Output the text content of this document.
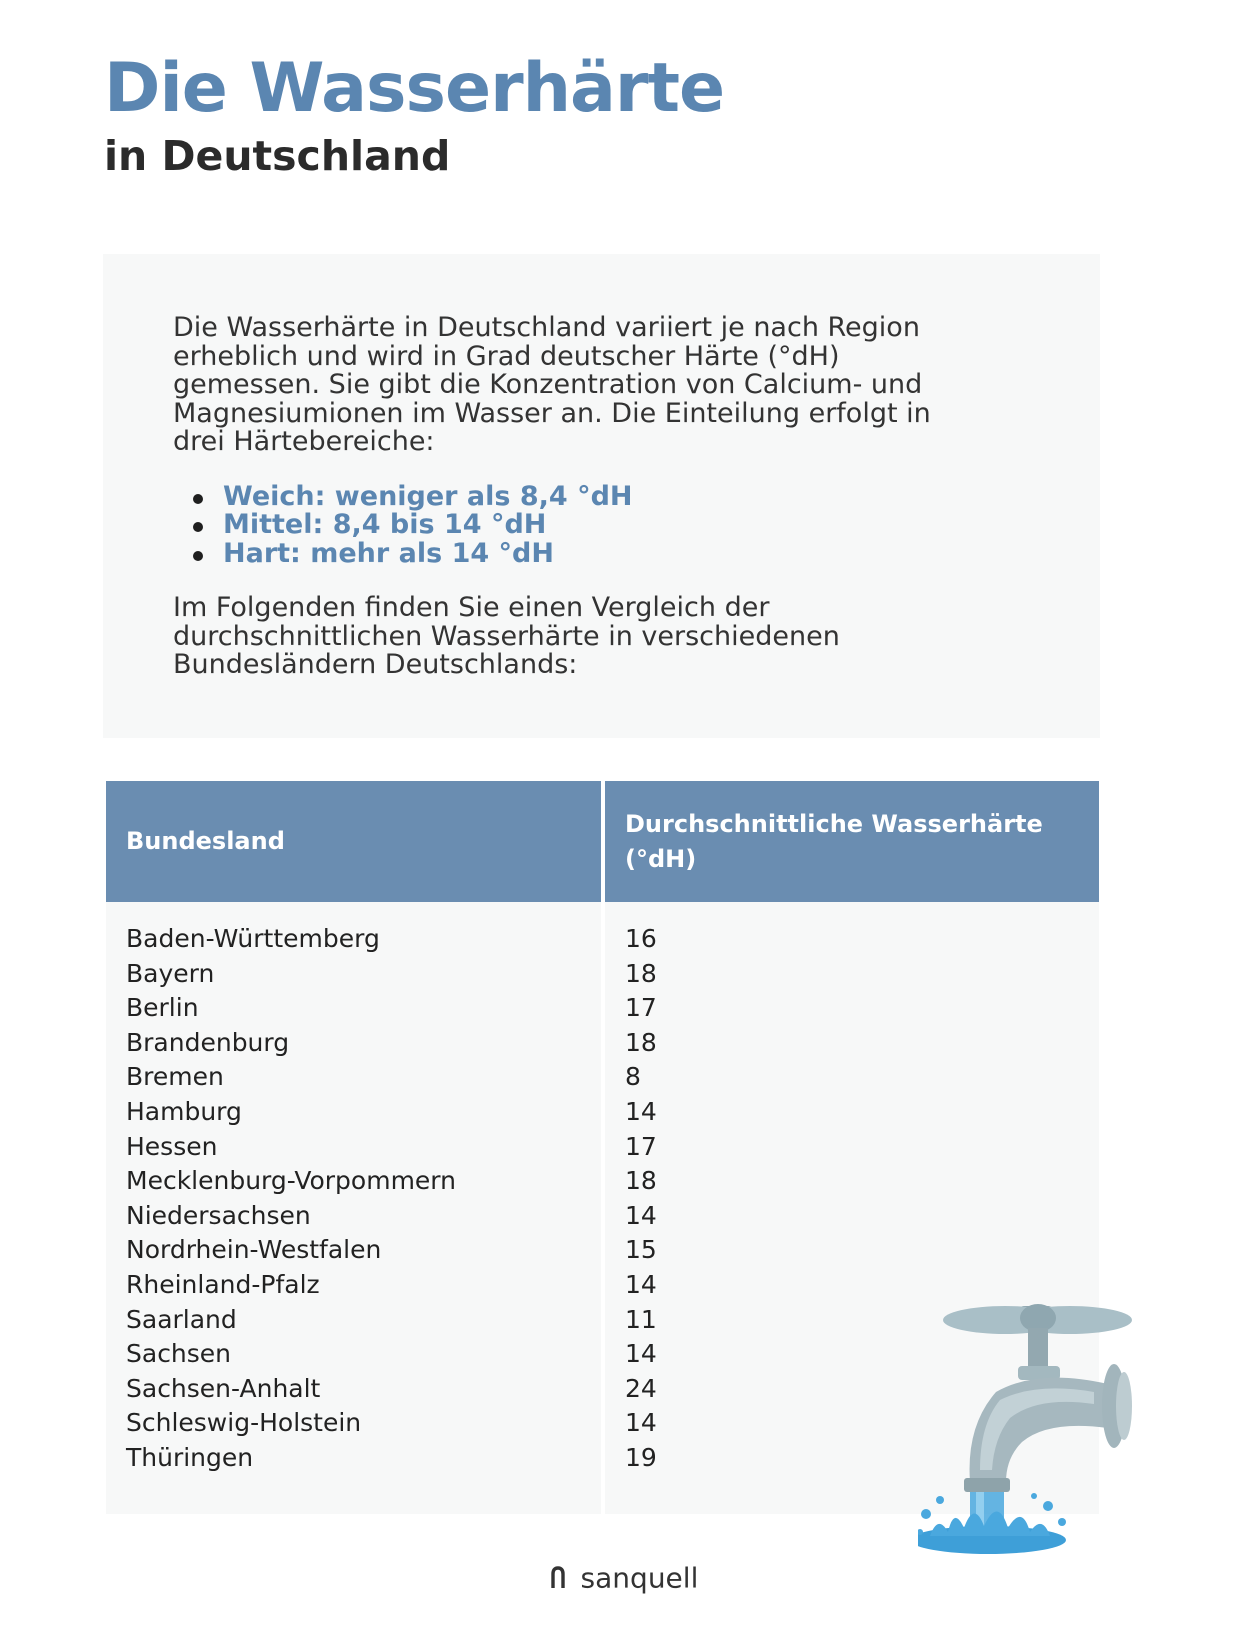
Die Wasserhärte
in Deutschland

Die Wasserhärte in Deutschland variiert je nach Region erheblich und wird in Grad deutscher Härte (°dH) gemessen. Sie gibt die Konzentration von Calcium- und Magnesiumionen im Wasser an. Die Einteilung erfolgt in drei Härtebereiche:

Weich: weniger als 8,4 °dH
Mittel: 8,4 bis 14 °dH
Hart: mehr als 14 °dH

Im Folgenden finden Sie einen Vergleich der durchschnittlichen Wasserhärte in verschiedenen Bundesländern Deutschlands:

Bundesland	Durchschnittliche Wasserhärte (°dH)

Baden-Württemberg	16
Bayern	18
Berlin	17
Brandenburg	18
Bremen	8
Hamburg	14
Hessen	17
Mecklenburg-Vorpommern	18
Niedersachsen	14
Nordrhein-Westfalen	15
Rheinland-Pfalz	14
Saarland	11
Sachsen	14
Sachsen-Anhalt	24
Schleswig-Holstein	14
Thüringen	19

sanquell
